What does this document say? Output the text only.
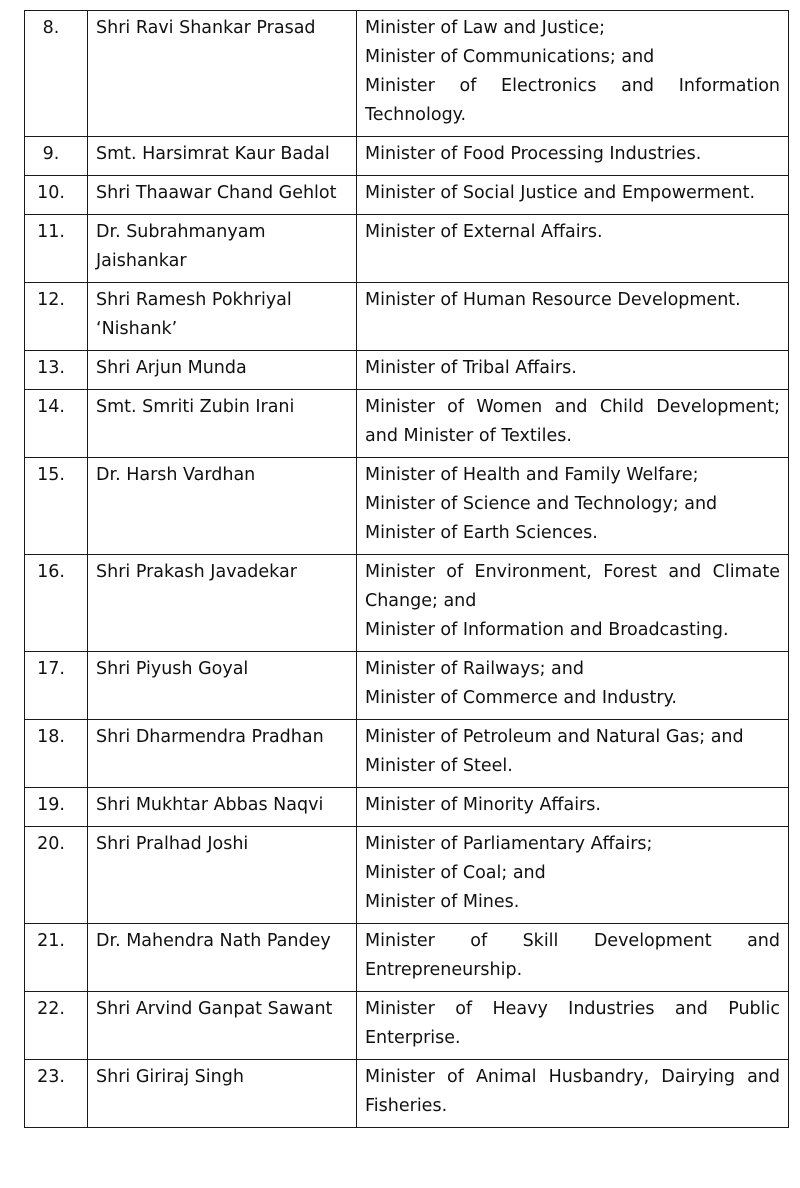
8.	Shri Ravi Shankar Prasad	Minister of Law and Justice;
Minister of Communications; and
Minister of Electronics and Information
Technology.

9.	Smt. Harsimrat Kaur Badal	Minister of Food Processing Industries.

10.	Shri Thaawar Chand Gehlot	Minister of Social Justice and Empowerment.

11.	Dr. Subrahmanyam Jaishankar	Minister of External Affairs.

12.	Shri Ramesh Pokhriyal ‘Nishank’	Minister of Human Resource Development.

13.	Shri Arjun Munda	Minister of Tribal Affairs.

14.	Smt. Smriti Zubin Irani	Minister of Women and Child Development;
and Minister of Textiles.

15.	Dr. Harsh Vardhan	Minister of Health and Family Welfare;
Minister of Science and Technology; and
Minister of Earth Sciences.

16.	Shri Prakash Javadekar	Minister of Environment, Forest and Climate
Change; and
Minister of Information and Broadcasting.

17.	Shri Piyush Goyal	Minister of Railways; and
Minister of Commerce and Industry.

18.	Shri Dharmendra Pradhan	Minister of Petroleum and Natural Gas; and
Minister of Steel.

19.	Shri Mukhtar Abbas Naqvi	Minister of Minority Affairs.

20.	Shri Pralhad Joshi	Minister of Parliamentary Affairs;
Minister of Coal; and
Minister of Mines.

21.	Dr. Mahendra Nath Pandey	Minister of Skill Development and
Entrepreneurship.

22.	Shri Arvind Ganpat Sawant	Minister of Heavy Industries and Public
Enterprise.

23.	Shri Giriraj Singh	Minister of Animal Husbandry, Dairying and
Fisheries.
